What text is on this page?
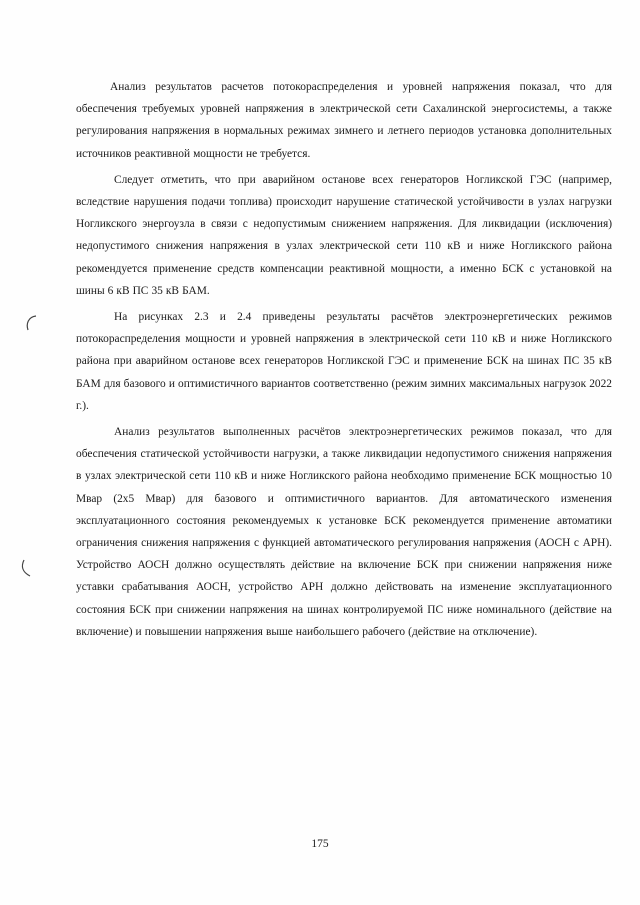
Анализ результатов расчетов потокораспределения и уровней напряжения показал, что для обеспечения требуемых уровней напряжения в электрической сети Сахалинской энергосистемы, а также регулирования напряжения в нормальных режимах зимнего и летнего периодов установка дополнительных источников реактивной мощности не требуется.

Следует отметить, что при аварийном останове всех генераторов Ногликской ГЭС (например, вследствие нарушения подачи топлива) происходит нарушение статической устойчивости в узлах нагрузки Ногликского энергоузла в связи с недопустимым снижением напряжения. Для ликвидации (исключения) недопустимого снижения напряжения в узлах электрической сети 110 кВ и ниже Ногликского района рекомендуется применение средств компенсации реактивной мощности, а именно БСК с установкой на шины 6 кВ ПС 35 кВ БАМ.

На рисунках 2.3 и 2.4 приведены результаты расчётов электроэнергетических режимов потокораспределения мощности и уровней напряжения в электрической сети 110 кВ и ниже Ногликского района при аварийном останове всех генераторов Ногликской ГЭС и применение БСК на шинах ПС 35 кВ БАМ для базового и оптимистичного вариантов соответственно (режим зимних максимальных нагрузок 2022 г.).

Анализ результатов выполненных расчётов электроэнергетических режимов показал, что для обеспечения статической устойчивости нагрузки, а также ликвидации недопустимого снижения напряжения в узлах электрической сети 110 кВ и ниже Ногликского района необходимо применение БСК мощностью 10 Мвар (2х5 Мвар) для базового и оптимистичного вариантов. Для автоматического изменения эксплуатационного состояния рекомендуемых к установке БСК рекомендуется применение автоматики ограничения снижения напряжения с функцией автоматического регулирования напряжения (АОСН с АРН). Устройство АОСН должно осуществлять действие на включение БСК при снижении напряжения ниже уставки срабатывания АОСН, устройство АРН должно действовать на изменение эксплуатационного состояния БСК при снижении напряжения на шинах контролируемой ПС ниже номинального (действие на включение) и повышении напряжения выше наибольшего рабочего (действие на отключение).

175
